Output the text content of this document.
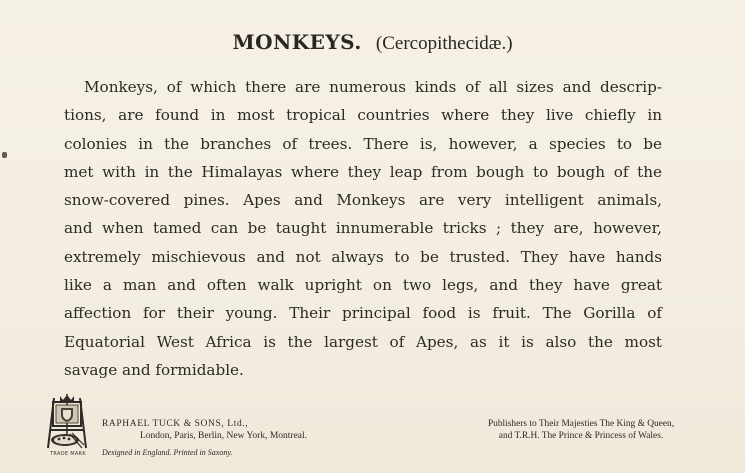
MONKEYS. (Cercopithecidæ.)
Monkeys, of which there are numerous kinds of all sizes and descrip-
tions, are found in most tropical countries where they live chiefly in
colonies in the branches of trees. There is, however, a species to be
met with in the Himalayas where they leap from bough to bough of the
snow-covered pines. Apes and Monkeys are very intelligent animals,
and when tamed can be taught innumerable tricks ; they are, however,
extremely mischievous and not always to be trusted. They have hands
like a man and often walk upright on two legs, and they have great
affection for their young. Their principal food is fruit. The Gorilla of
Equatorial West Africa is the largest of Apes, as it is also the most
savage and formidable.
TRADE MARK
RAPHAEL TUCK & SONS, Ltd.,
London, Paris, Berlin, New York, Montreal.
Designed in England. Printed in Saxony.
Publishers to Their Majesties The King & Queen,
and T.R.H. The Prince & Princess of Wales.
